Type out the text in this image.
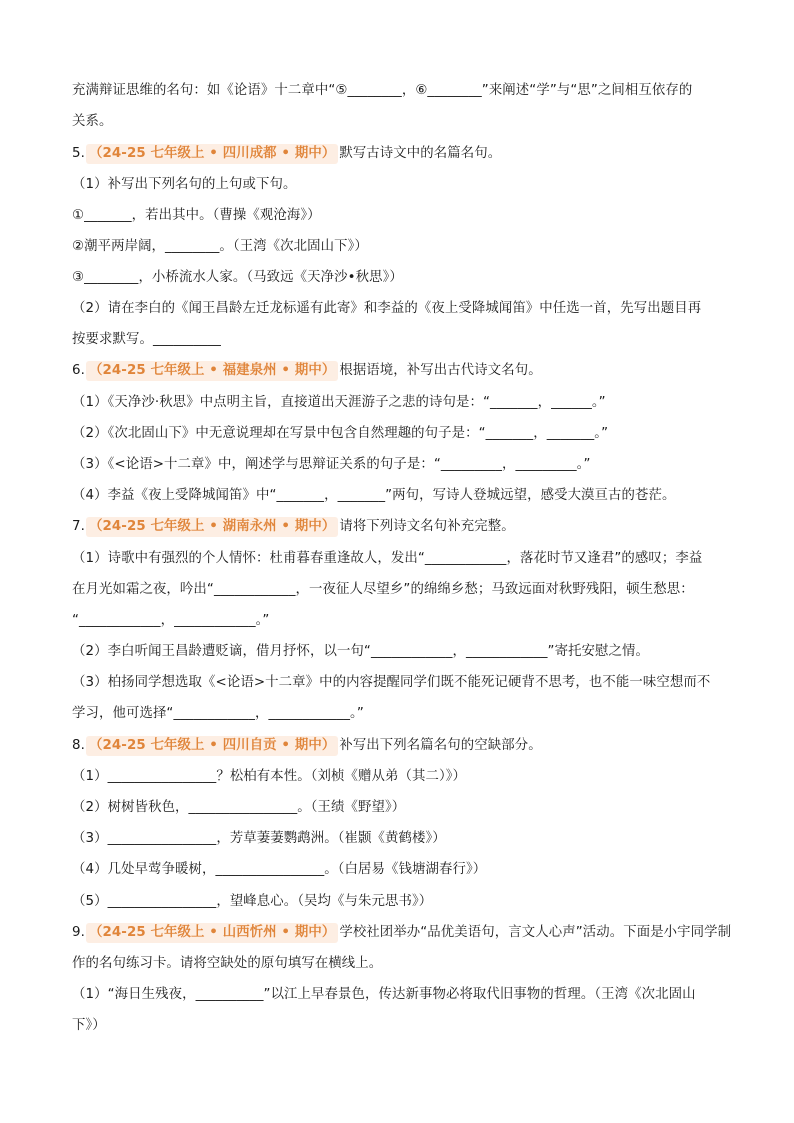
充满辩证思维的名句：如《论语》十二章中“⑤________，⑥________”来阐述“学”与“思”之间相互依存的
关系。
5. （24-25 七年级上 • 四川成都 • 期中） 默写古诗文中的名篇名句。
（1）补写出下列名句的上句或下句。
①_______，若出其中。（曹操《观沧海》）
②潮平两岸阔，________。（王湾《次北固山下》）
③________，小桥流水人家。（马致远《天净沙•秋思》）
（2）请在李白的《闻王昌龄左迁龙标遥有此寄》和李益的《夜上受降城闻笛》中任选一首，先写出题目再
按要求默写。__________
6. （24-25 七年级上 • 福建泉州 • 期中） 根据语境，补写出古代诗文名句。
（1）《天净沙·秋思》中点明主旨，直接道出天涯游子之悲的诗句是：“_______，______。”
（2）《次北固山下》中无意说理却在写景中包含自然理趣的句子是：“_______，_______。”
（3）《<论语>十二章》中，阐述学与思辩证关系的句子是：“_________，_________。”
（4）李益《夜上受降城闻笛》中“_______，_______”两句，写诗人登城远望，感受大漠亘古的苍茫。
7. （24-25 七年级上 • 湖南永州 • 期中） 请将下列诗文名句补充完整。
（1）诗歌中有强烈的个人情怀：杜甫暮春重逢故人，发出“____________，落花时节又逢君”的感叹；李益
在月光如霜之夜，吟出“____________，一夜征人尽望乡”的绵绵乡愁；马致远面对秋野残阳，顿生愁思：
“____________，____________。”
（2）李白听闻王昌龄遭贬谪，借月抒怀，以一句“____________，____________”寄托安慰之情。
（3）柏扬同学想选取《<论语>十二章》中的内容提醒同学们既不能死记硬背不思考，也不能一味空想而不
学习，他可选择“____________，____________。”
8. （24-25 七年级上 • 四川自贡 • 期中） 补写出下列名篇名句的空缺部分。
（1）________________？松柏有本性。（刘桢《赠从弟（其二）》）
（2）树树皆秋色，________________。（王绩《野望》）
（3）________________，芳草萋萋鹦鹉洲。（崔颢《黄鹤楼》）
（4）几处早莺争暖树，________________。（白居易《钱塘湖春行》）
（5）________________，望峰息心。（吴均《与朱元思书》）
9. （24-25 七年级上 • 山西忻州 • 期中） 学校社团举办“品优美语句，言文人心声”活动。下面是小宇同学制
作的名句练习卡。请将空缺处的原句填写在横线上。
（1）“海日生残夜，__________”以江上早春景色，传达新事物必将取代旧事物的哲理。（王湾《次北固山
下》）
